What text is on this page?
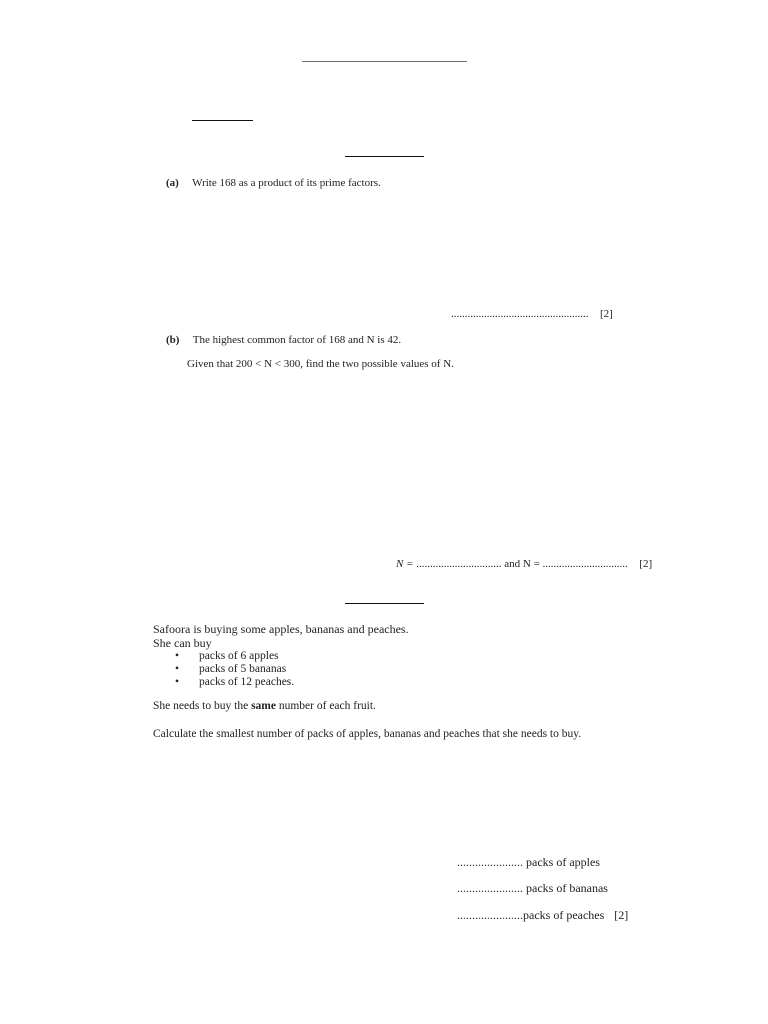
(a) Write 168 as a product of its prime factors.
.................................................. [2]
(b) The highest common factor of 168 and N is 42.
Given that 200 < N < 300, find the two possible values of N.
N = ............................... and N = ............................... [2]
Safoora is buying some apples, bananas and peaches.
She can buy
• packs of 6 apples
• packs of 5 bananas
• packs of 12 peaches.
She needs to buy the same number of each fruit.
Calculate the smallest number of packs of apples, bananas and peaches that she needs to buy.
...................... packs of apples
...................... packs of bananas
......................packs of peaches [2]
